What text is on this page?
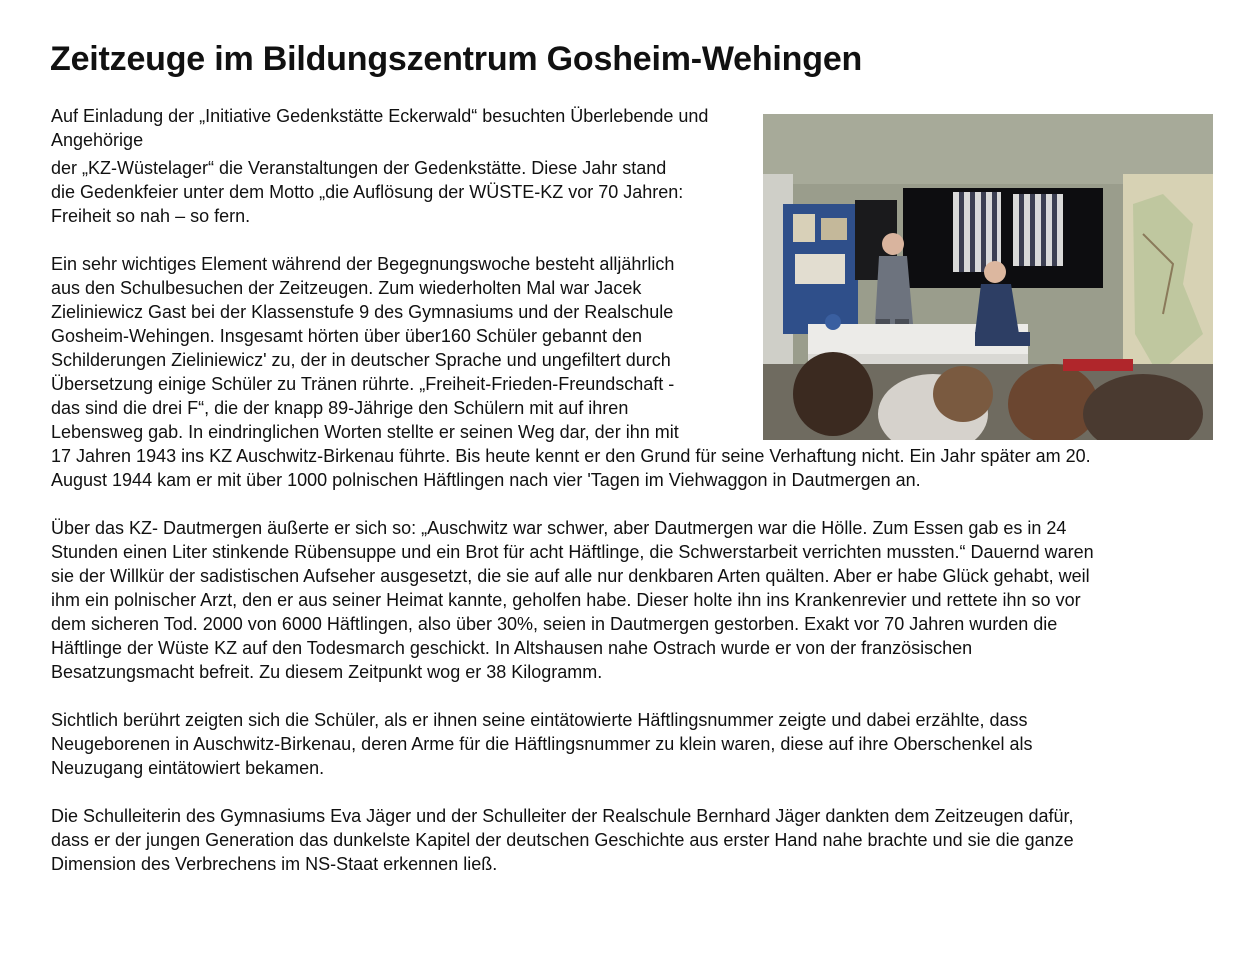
Zeitzeuge im Bildungszentrum Gosheim-Wehingen

Auf Einladung der „Initiative Gedenkstätte Eckerwald“ besuchten Überlebende und Angehörige
der „KZ-Wüstelager“ die Veranstaltungen der Gedenkstätte. Diese Jahr stand
die Gedenkfeier unter dem Motto „die Auflösung der WÜSTE-KZ vor 70 Jahren:
Freiheit so nah – so fern.

Ein sehr wichtiges Element während der Begegnungswoche besteht alljährlich
aus den Schulbesuchen der Zeitzeugen. Zum wiederholten Mal war Jacek
Zieliniewicz Gast bei der Klassenstufe 9 des Gymnasiums und der Realschule
Gosheim-Wehingen. Insgesamt hörten über über160 Schüler gebannt den
Schilderungen Zieliniewicz' zu, der in deutscher Sprache und ungefiltert durch
Übersetzung einige Schüler zu Tränen rührte. „Freiheit-Frieden-Freundschaft -
das sind die drei F“, die der knapp 89-Jährige den Schülern mit auf ihren
Lebensweg gab. In eindringlichen Worten stellte er seinen Weg dar, der ihn mit
17 Jahren 1943 ins KZ Auschwitz-Birkenau führte. Bis heute kennt er den Grund für seine Verhaftung nicht. Ein Jahr später am 20.
August 1944 kam er mit über 1000 polnischen Häftlingen nach vier 'Tagen im Viehwaggon in Dautmergen an.

Über das KZ- Dautmergen äußerte er sich so: „Auschwitz war schwer, aber Dautmergen war die Hölle. Zum Essen gab es in 24
Stunden einen Liter stinkende Rübensuppe und ein Brot für acht Häftlinge, die Schwerstarbeit verrichten mussten.“ Dauernd waren
sie der Willkür der sadistischen Aufseher ausgesetzt, die sie auf alle nur denkbaren Arten quälten. Aber er habe Glück gehabt, weil
ihm ein polnischer Arzt, den er aus seiner Heimat kannte, geholfen habe. Dieser holte ihn ins Krankenrevier und rettete ihn so vor
dem sicheren Tod. 2000 von 6000 Häftlingen, also über 30%, seien in Dautmergen gestorben. Exakt vor 70 Jahren wurden die
Häftlinge der Wüste KZ auf den Todesmarch geschickt. In Altshausen nahe Ostrach wurde er von der französischen
Besatzungsmacht befreit. Zu diesem Zeitpunkt wog er 38 Kilogramm.

Sichtlich berührt zeigten sich die Schüler, als er ihnen seine eintätowierte Häftlingsnummer zeigte und dabei erzählte, dass
Neugeborenen in Auschwitz-Birkenau, deren Arme für die Häftlingsnummer zu klein waren, diese auf ihre Oberschenkel als
Neuzugang eintätowiert bekamen.

Die Schulleiterin des Gymnasiums Eva Jäger und der Schulleiter der Realschule Bernhard Jäger dankten dem Zeitzeugen dafür,
dass er der jungen Generation das dunkelste Kapitel der deutschen Geschichte aus erster Hand nahe brachte und sie die ganze
Dimension des Verbrechens im NS-Staat erkennen ließ.
